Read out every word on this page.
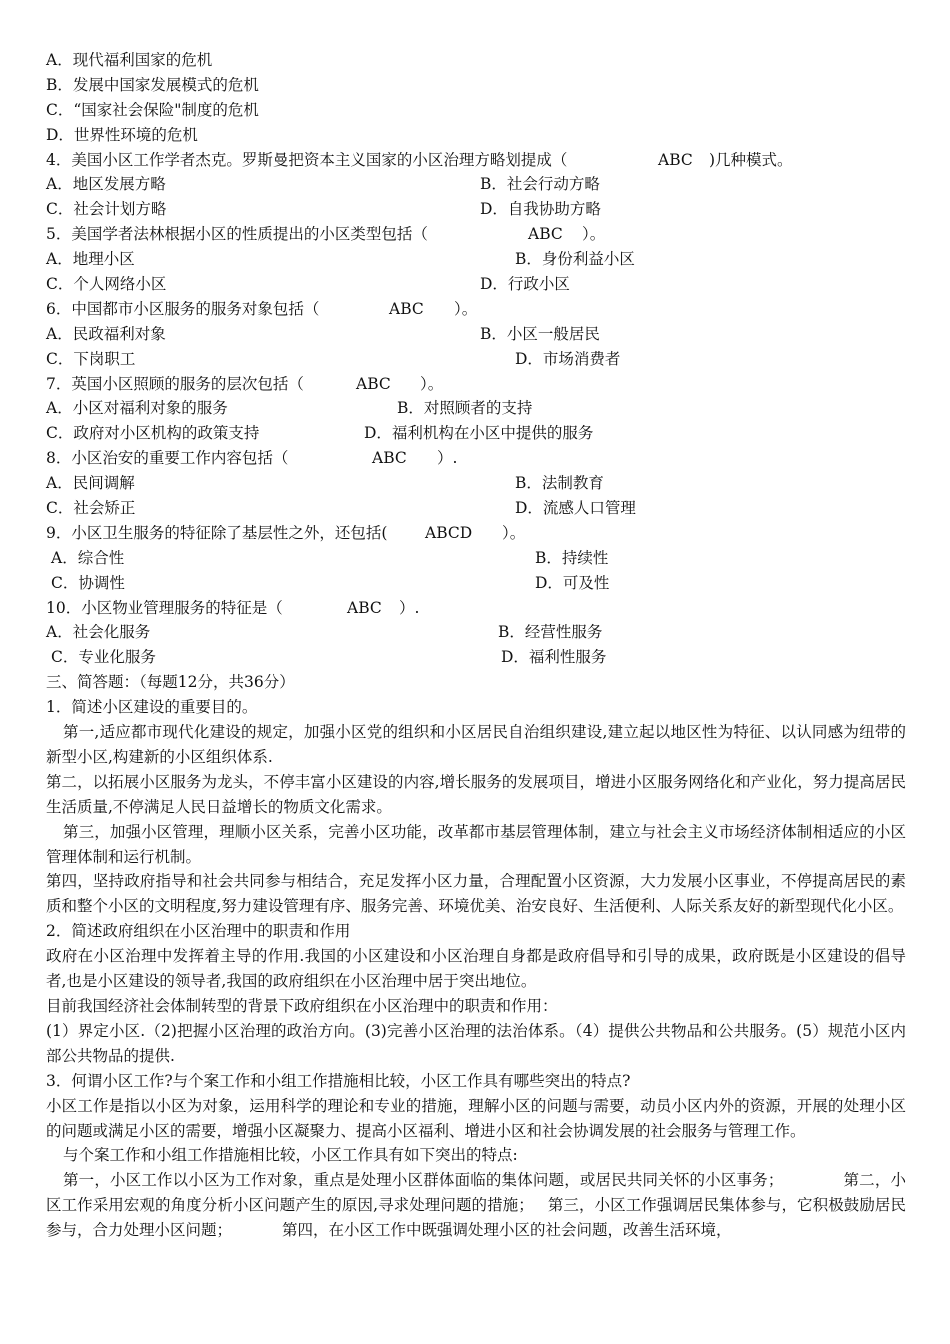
A．现代福利国家的危机
B．发展中国家发展模式的危机
C．“国家社会保险"制度的危机
D．世界性环境的危机
4．美国小区工作学者杰克。罗斯曼把资本主义国家的小区治理方略划提成（	ABC )几种模式。
A．地区发展方略	B．社会行动方略
C．社会计划方略	D．自我协助方略
5．美国学者法林根据小区的性质提出的小区类型包括（	ABC ）。
A．地理小区	B．身份利益小区
C．个人网络小区	D．行政小区
6．中国都市小区服务的服务对象包括（	ABC ）。
A．民政福利对象	B．小区一般居民
C．下岗职工	D．市场消费者
7．英国小区照顾的服务的层次包括（	ABC ）。
A．小区对福利对象的服务	B．对照顾者的支持
C．政府对小区机构的政策支持	D．福利机构在小区中提供的服务
8．小区治安的重要工作内容包括（	ABC ）.
A．民间调解	B．法制教育
C．社会矫正	D．流感人口管理
9．小区卫生服务的特征除了基层性之外，还包括( ABCD ）。
A．综合性	B．持续性
C．协调性	D．可及性
10．小区物业管理服务的特征是（	ABC ）.
A．社会化服务	B．经营性服务
C．专业化服务	D．福利性服务
三、简答题：（每题12分，共36分）
1．简述小区建设的重要目的。
第一,适应都市现代化建设的规定，加强小区党的组织和小区居民自治组织建设,建立起以地区性为特征、以认同感为纽带的新型小区,构建新的小区组织体系.
第二，以拓展小区服务为龙头，不停丰富小区建设的内容,增长服务的发展项目，增进小区服务网络化和产业化，努力提高居民生活质量,不停满足人民日益增长的物质文化需求。
第三，加强小区管理，理顺小区关系，完善小区功能，改革都市基层管理体制，建立与社会主义市场经济体制相适应的小区管理体制和运行机制。
第四，坚持政府指导和社会共同参与相结合，充足发挥小区力量，合理配置小区资源，大力发展小区事业，不停提高居民的素质和整个小区的文明程度,努力建设管理有序、服务完善、环境优美、治安良好、生活便利、人际关系友好的新型现代化小区。
2．简述政府组织在小区治理中的职责和作用
政府在小区治理中发挥着主导的作用.我国的小区建设和小区治理自身都是政府倡导和引导的成果，政府既是小区建设的倡导者,也是小区建设的领导者,我国的政府组织在小区治理中居于突出地位。
目前我国经济社会体制转型的背景下政府组织在小区治理中的职责和作用：
(1）界定小区.（2)把握小区治理的政治方向。(3)完善小区治理的法治体系。（4）提供公共物品和公共服务。(5）规范小区内部公共物品的提供.
3．何谓小区工作?与个案工作和小组工作措施相比较，小区工作具有哪些突出的特点?
小区工作是指以小区为对象，运用科学的理论和专业的措施，理解小区的问题与需要，动员小区内外的资源，开展的处理小区的问题或满足小区的需要，增强小区凝聚力、提高小区福利、增进小区和社会协调发展的社会服务与管理工作。
与个案工作和小组工作措施相比较，小区工作具有如下突出的特点:
第一，小区工作以小区为工作对象，重点是处理小区群体面临的集体问题，或居民共同关怀的小区事务；	第二，小区工作采用宏观的角度分析小区问题产生的原因,寻求处理问题的措施； 第三，小区工作强调居民集体参与，它积极鼓励居民参与，合力处理小区问题；	第四，在小区工作中既强调处理小区的社会问题，改善生活环境，
